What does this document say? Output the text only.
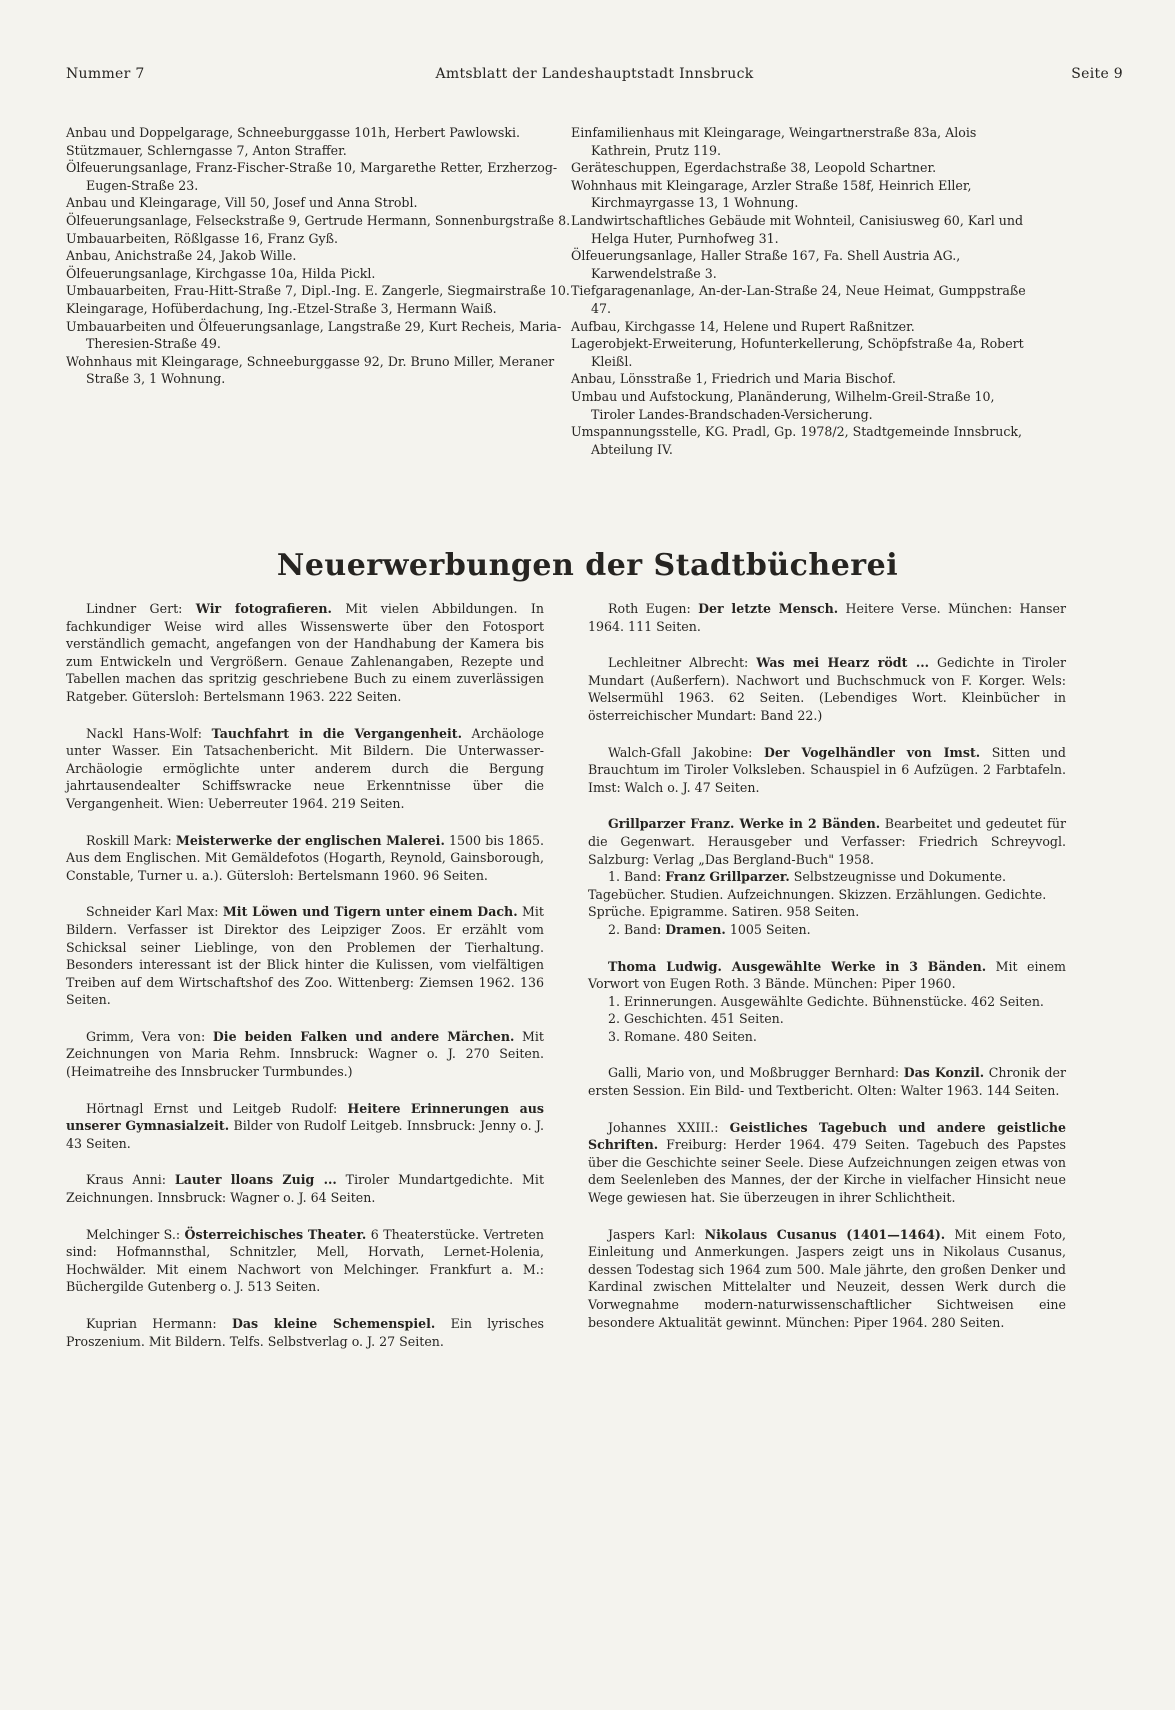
Nummer 7	Amtsblatt der Landeshauptstadt Innsbruck	Seite 9

Anbau und Doppelgarage, Schneeburggasse 101h, Herbert Pawlowski.

Stützmauer, Schlerngasse 7, Anton Straffer.

Ölfeuerungsanlage, Franz-Fischer-Straße 10, Margarethe Retter, Erzherzog-Eugen-Straße 23.

Anbau und Kleingarage, Vill 50, Josef und Anna Strobl.

Ölfeuerungsanlage, Felseckstraße 9, Gertrude Hermann, Sonnenburgstraße 8.

Umbauarbeiten, Rößlgasse 16, Franz Gyß.

Anbau, Anichstraße 24, Jakob Wille.

Ölfeuerungsanlage, Kirchgasse 10a, Hilda Pickl.

Umbauarbeiten, Frau-Hitt-Straße 7, Dipl.-Ing. E. Zangerle, Siegmairstraße 10.

Kleingarage, Hofüberdachung, Ing.-Etzel-Straße 3, Hermann Waiß.

Umbauarbeiten und Ölfeuerungsanlage, Langstraße 29, Kurt Recheis, Maria-Theresien-Straße 49.

Wohnhaus mit Kleingarage, Schneeburggasse 92, Dr. Bruno Miller, Meraner Straße 3, 1 Wohnung.

Einfamilienhaus mit Kleingarage, Weingartnerstraße 83a, Alois Kathrein, Prutz 119.

Geräteschuppen, Egerdachstraße 38, Leopold Schartner.

Wohnhaus mit Kleingarage, Arzler Straße 158f, Heinrich Eller, Kirchmayrgasse 13, 1 Wohnung.

Landwirtschaftliches Gebäude mit Wohnteil, Canisiusweg 60, Karl und Helga Huter, Purnhofweg 31.

Ölfeuerungsanlage, Haller Straße 167, Fa. Shell Austria AG., Karwendelstraße 3.

Tiefgaragenanlage, An-der-Lan-Straße 24, Neue Heimat, Gumppstraße 47.

Aufbau, Kirchgasse 14, Helene und Rupert Raßnitzer.

Lagerobjekt-Erweiterung, Hofunterkellerung, Schöpfstraße 4a, Robert Kleißl.

Anbau, Lönsstraße 1, Friedrich und Maria Bischof.

Umbau und Aufstockung, Planänderung, Wilhelm-Greil-Straße 10, Tiroler Landes-Brandschaden-Versicherung.

Umspannungsstelle, KG. Pradl, Gp. 1978/2, Stadtgemeinde Innsbruck, Abteilung IV.

Neuerwerbungen der Stadtbücherei

Lindner Gert: Wir fotografieren. Mit vielen Abbildungen. In fachkundiger Weise wird alles Wissenswerte über den Fotosport verständlich gemacht, angefangen von der Handhabung der Kamera bis zum Entwickeln und Vergrößern. Genaue Zahlenangaben, Rezepte und Tabellen machen das spritzig geschriebene Buch zu einem zuverlässigen Ratgeber. Gütersloh: Bertelsmann 1963. 222 Seiten.

Nackl Hans-Wolf: Tauchfahrt in die Vergangenheit. Archäologe unter Wasser. Ein Tatsachenbericht. Mit Bildern. Die Unterwasser-Archäologie ermöglichte unter anderem durch die Bergung jahrtausendealter Schiffswracke neue Erkenntnisse über die Vergangenheit. Wien: Ueberreuter 1964. 219 Seiten.

Roskill Mark: Meisterwerke der englischen Malerei. 1500 bis 1865. Aus dem Englischen. Mit Gemäldefotos (Hogarth, Reynold, Gainsborough, Constable, Turner u. a.). Gütersloh: Bertelsmann 1960. 96 Seiten.

Schneider Karl Max: Mit Löwen und Tigern unter einem Dach. Mit Bildern. Verfasser ist Direktor des Leipziger Zoos. Er erzählt vom Schicksal seiner Lieblinge, von den Problemen der Tierhaltung. Besonders interessant ist der Blick hinter die Kulissen, vom vielfältigen Treiben auf dem Wirtschaftshof des Zoo. Wittenberg: Ziemsen 1962. 136 Seiten.

Grimm, Vera von: Die beiden Falken und andere Märchen. Mit Zeichnungen von Maria Rehm. Innsbruck: Wagner o. J. 270 Seiten. (Heimatreihe des Innsbrucker Turmbundes.)

Hörtnagl Ernst und Leitgeb Rudolf: Heitere Erinnerungen aus unserer Gymnasialzeit. Bilder von Rudolf Leitgeb. Innsbruck: Jenny o. J. 43 Seiten.

Kraus Anni: Lauter lloans Zuig ... Tiroler Mundartgedichte. Mit Zeichnungen. Innsbruck: Wagner o. J. 64 Seiten.

Melchinger S.: Österreichisches Theater. 6 Theaterstücke. Vertreten sind: Hofmannsthal, Schnitzler, Mell, Horvath, Lernet-Holenia, Hochwälder. Mit einem Nachwort von Melchinger. Frankfurt a. M.: Büchergilde Gutenberg o. J. 513 Seiten.

Kuprian Hermann: Das kleine Schemenspiel. Ein lyrisches Proszenium. Mit Bildern. Telfs. Selbstverlag o. J. 27 Seiten.

Roth Eugen: Der letzte Mensch. Heitere Verse. München: Hanser 1964. 111 Seiten.

Lechleitner Albrecht: Was mei Hearz rödt ... Gedichte in Tiroler Mundart (Außerfern). Nachwort und Buchschmuck von F. Korger. Wels: Welsermühl 1963. 62 Seiten. (Lebendiges Wort. Kleinbücher in österreichischer Mundart: Band 22.)

Walch-Gfall Jakobine: Der Vogelhändler von Imst. Sitten und Brauchtum im Tiroler Volksleben. Schauspiel in 6 Aufzügen. 2 Farbtafeln. Imst: Walch o. J. 47 Seiten.

Grillparzer Franz. Werke in 2 Bänden. Bearbeitet und gedeutet für die Gegenwart. Herausgeber und Verfasser: Friedrich Schreyvogl. Salzburg: Verlag „Das Bergland-Buch" 1958.

1. Band: Franz Grillparzer. Selbstzeugnisse und Dokumente. Tagebücher. Studien. Aufzeichnungen. Skizzen. Erzählungen. Gedichte. Sprüche. Epigramme. Satiren. 958 Seiten.

2. Band: Dramen. 1005 Seiten.

Thoma Ludwig. Ausgewählte Werke in 3 Bänden. Mit einem Vorwort von Eugen Roth. 3 Bände. München: Piper 1960.

1. Erinnerungen. Ausgewählte Gedichte. Bühnenstücke. 462 Seiten.

2. Geschichten. 451 Seiten.

3. Romane. 480 Seiten.

Galli, Mario von, und Moßbrugger Bernhard: Das Konzil. Chronik der ersten Session. Ein Bild- und Textbericht. Olten: Walter 1963. 144 Seiten.

Johannes XXIII.: Geistliches Tagebuch und andere geistliche Schriften. Freiburg: Herder 1964. 479 Seiten. Tagebuch des Papstes über die Geschichte seiner Seele. Diese Aufzeichnungen zeigen etwas von dem Seelenleben des Mannes, der der Kirche in vielfacher Hinsicht neue Wege gewiesen hat. Sie überzeugen in ihrer Schlichtheit.

Jaspers Karl: Nikolaus Cusanus (1401—1464). Mit einem Foto, Einleitung und Anmerkungen. Jaspers zeigt uns in Nikolaus Cusanus, dessen Todestag sich 1964 zum 500. Male jährte, den großen Denker und Kardinal zwischen Mittelalter und Neuzeit, dessen Werk durch die Vorwegnahme modern-naturwissenschaftlicher Sichtweisen eine besondere Aktualität gewinnt. München: Piper 1964. 280 Seiten.
